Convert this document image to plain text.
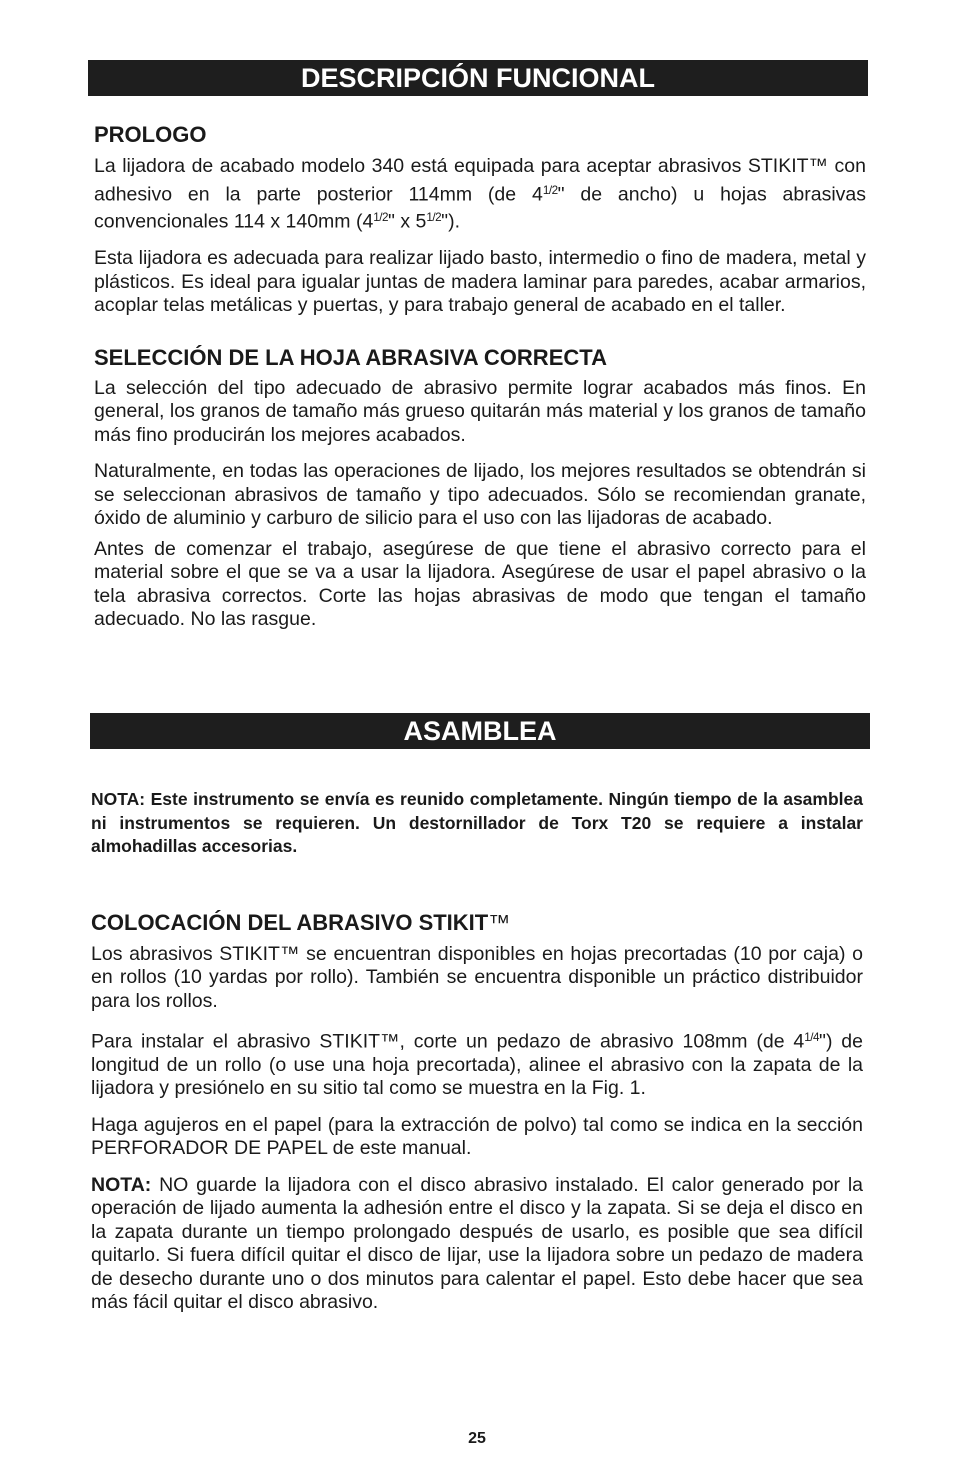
DESCRIPCIÓN FUNCIONAL
PROLOGO

La lijadora de acabado modelo 340 está equipada para aceptar abrasivos STIKIT™ con adhesivo en la parte posterior 114mm (de $4^{1/2}$" de ancho) u hojas abrasivas convencionales 114 x 140mm ($4^{1/2}$" x $5^{1/2}$").

Esta lijadora es adecuada para realizar lijado basto, intermedio o fino de madera, metal y plásticos. Es ideal para igualar juntas de madera laminar para paredes, acabar armarios, acoplar telas metálicas y puertas, y para trabajo general de acabado en el taller.

SELECCIÓN DE LA HOJA ABRASIVA CORRECTA

La selección del tipo adecuado de abrasivo permite lograr acabados más finos. En general, los granos de tamaño más grueso quitarán más material y los granos de tamaño más fino producirán los mejores acabados.

Naturalmente, en todas las operaciones de lijado, los mejores resultados se obtendrán si se seleccionan abrasivos de tamaño y tipo adecuados. Sólo se recomiendan granate, óxido de aluminio y carburo de silicio para el uso con las lijadoras de acabado.

Antes de comenzar el trabajo, asegúrese de que tiene el abrasivo correcto para el material sobre el que se va a usar la lijadora. Asegúrese de usar el papel abrasivo o la tela abrasiva correctos. Corte las hojas abrasivas de modo que tengan el tamaño adecuado. No las rasgue.

ASAMBLEA

NOTA: Este instrumento se envía es reunido completamente. Ningún tiempo de la asamblea ni instrumentos se requieren. Un destornillador de Torx T20 se requiere a instalar almohadillas accesorias.

COLOCACIÓN DEL ABRASIVO STIKIT™

Los abrasivos STIKIT™ se encuentran disponibles en hojas precortadas (10 por caja) o en rollos (10 yardas por rollo). También se encuentra disponible un práctico distribuidor para los rollos.

Para instalar el abrasivo STIKIT™, corte un pedazo de abrasivo 108mm (de $4^{1/4}$") de longitud de un rollo (o use una hoja precortada), alinee el abrasivo con la zapata de la lijadora y presiónelo en su sitio tal como se muestra en la Fig. 1.

Haga agujeros en el papel (para la extracción de polvo) tal como se indica en la sección PERFORADOR DE PAPEL de este manual.

NOTA: NO guarde la lijadora con el disco abrasivo instalado. El calor generado por la operación de lijado aumenta la adhesión entre el disco y la zapata. Si se deja el disco en la zapata durante un tiempo prolongado después de usarlo, es posible que sea difícil quitarlo. Si fuera difícil quitar el disco de lijar, use la lijadora sobre un pedazo de madera de desecho durante uno o dos minutos para calentar el papel. Esto debe hacer que sea más fácil quitar el disco abrasivo.

25
